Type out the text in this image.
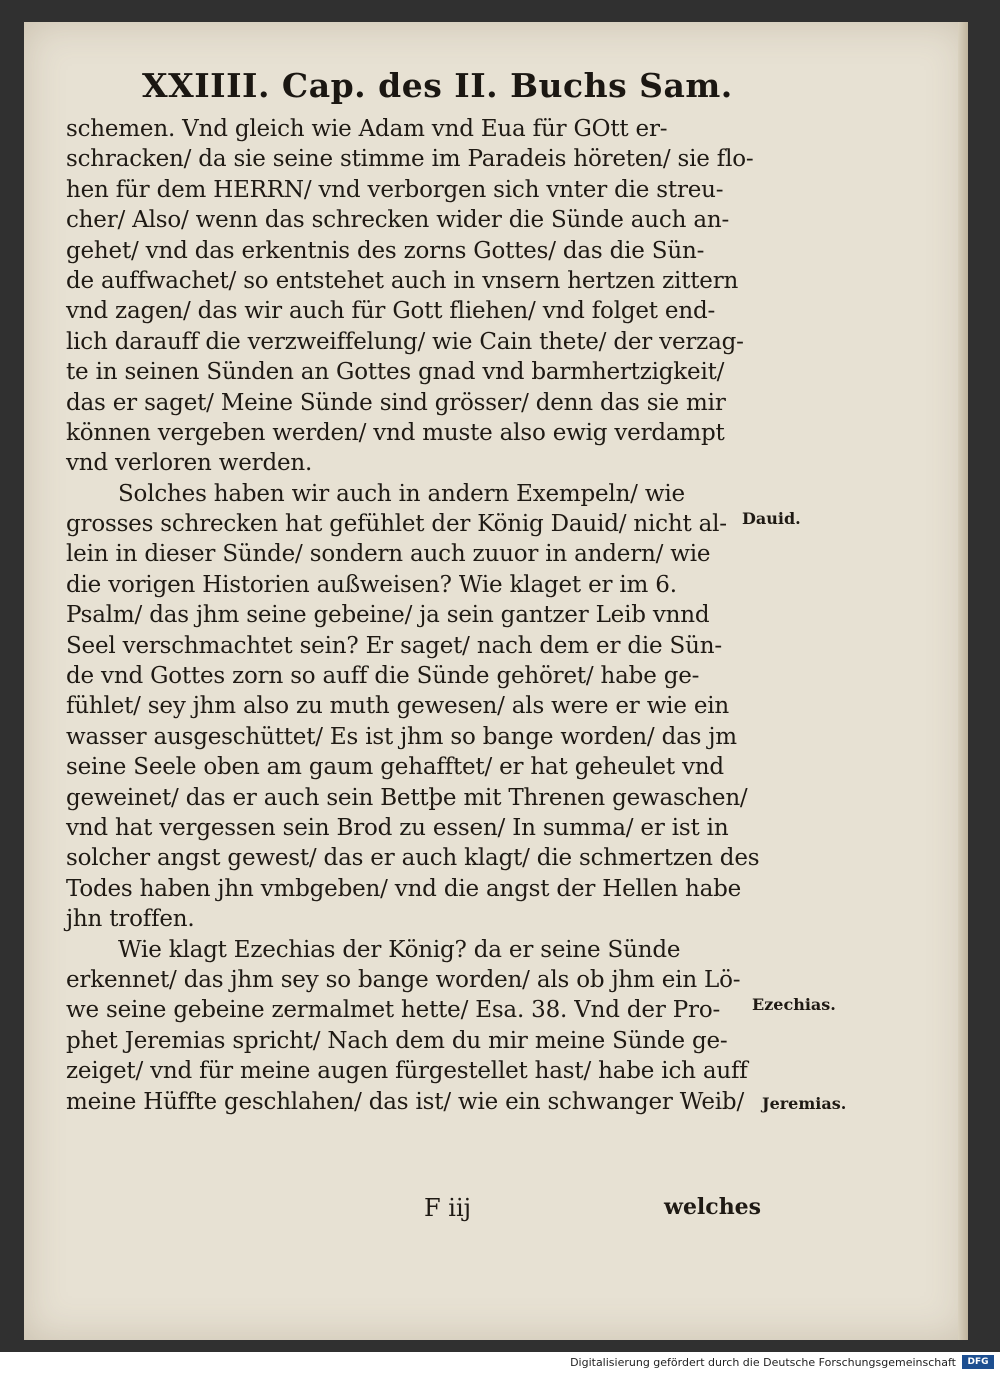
XXIIII. Cap. des II. Buchs Sam.
schemen. Vnd gleich wie Adam vnd Eua für GOtt er-
schracken/ da sie seine stimme im Paradeis höreten/ sie flo-
hen für dem HERRN/ vnd verborgen sich vnter die streu-
cher/ Also/ wenn das schrecken wider die Sünde auch an-
gehet/ vnd das erkentnis des zorns Gottes/ das die Sün-
de auffwachet/ so entstehet auch in vnsern hertzen zittern
vnd zagen/ das wir auch für Gott fliehen/ vnd folget end-
lich darauff die verzweiffelung/ wie Cain thete/ der verzag-
te in seinen Sünden an Gottes gnad vnd barmhertzigkeit/
das er saget/ Meine Sünde sind grösser/ denn das sie mir
können vergeben werden/ vnd muste also ewig verdampt
vnd verloren werden.
Solches haben wir auch in andern Exempeln/ wie
grosses schrecken hat gefühlet der König Dauid/ nicht al-
lein in dieser Sünde/ sondern auch zuuor in andern/ wie
die vorigen Historien außweisen? Wie klaget er im 6.
Psalm/ das jhm seine gebeine/ ja sein gantzer Leib vnnd
Seel verschmachtet sein? Er saget/ nach dem er die Sün-
de vnd Gottes zorn so auff die Sünde gehöret/ habe ge-
fühlet/ sey jhm also zu muth gewesen/ als were er wie ein
wasser ausgeschüttet/ Es ist jhm so bange worden/ das jm
seine Seele oben am gaum gehafftet/ er hat geheulet vnd
geweinet/ das er auch sein Bettþe mit Threnen gewaschen/
vnd hat vergessen sein Brod zu essen/ In summa/ er ist in
solcher angst gewest/ das er auch klagt/ die schmertzen des
Todes haben jhn vmbgeben/ vnd die angst der Hellen habe
jhn troffen.
Wie klagt Ezechias der König? da er seine Sünde
erkennet/ das jhm sey so bange worden/ als ob jhm ein Lö-
we seine gebeine zermalmet hette/ Esa. 38. Vnd der Pro-
phet Jeremias spricht/ Nach dem du mir meine Sünde ge-
zeiget/ vnd für meine augen fürgestellet hast/ habe ich auff
meine Hüffte geschlahen/ das ist/ wie ein schwanger Weib/
Dauid.
Ezechias.
Jeremias.
F iij	welches
Digitalisierung gefördert durch die Deutsche Forschungsgemeinschaft	DFG
